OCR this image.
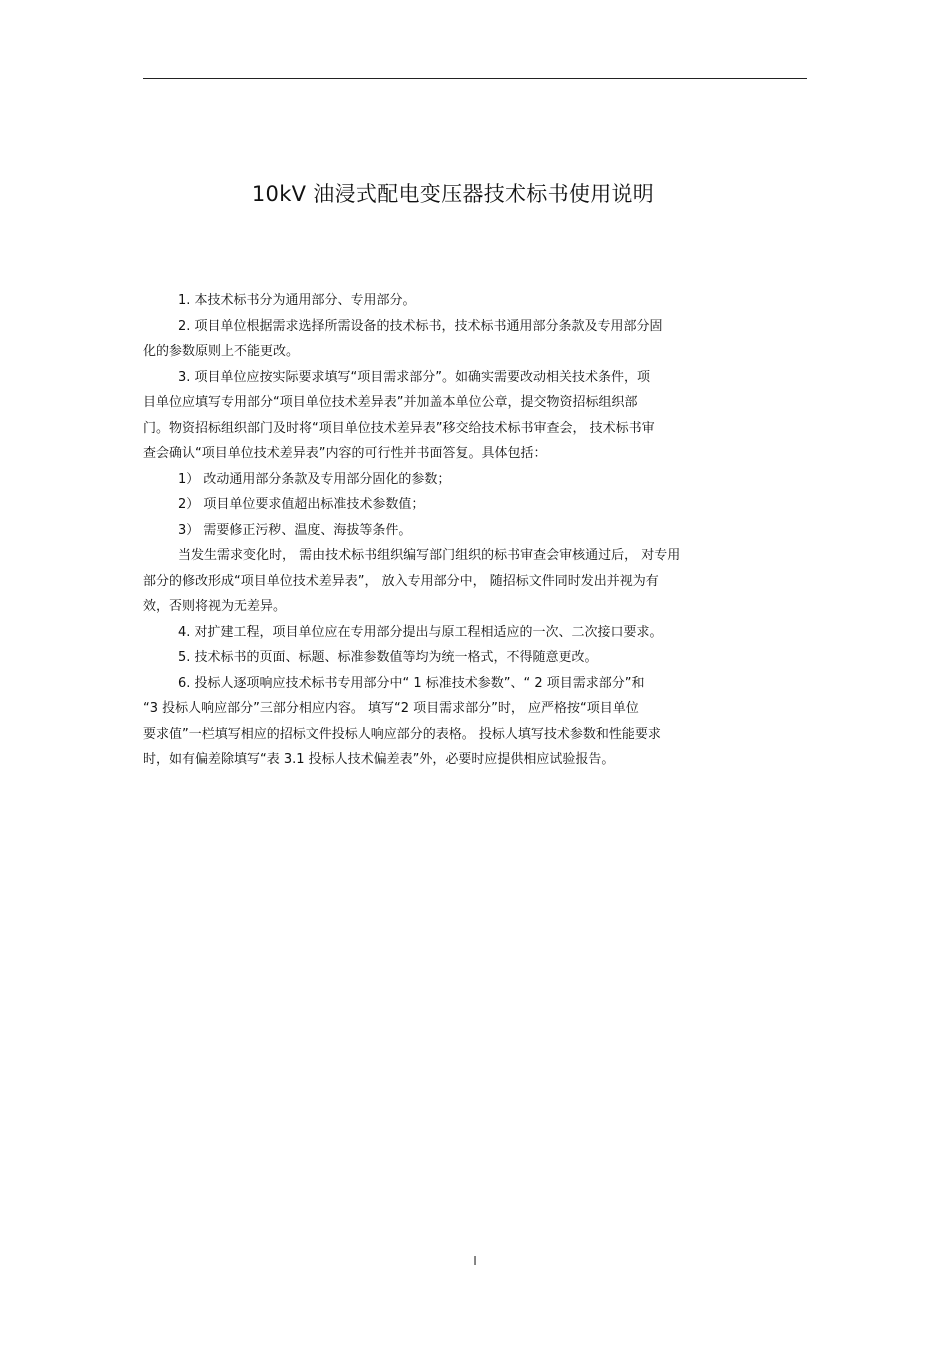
10kV 油浸式配电变压器技术标书使用说明
1. 本技术标书分为通用部分、专用部分。
2. 项目单位根据需求选择所需设备的技术标书，技术标书通用部分条款及专用部分固
化的参数原则上不能更改。
3. 项目单位应按实际要求填写“项目需求部分”。如确实需要改动相关技术条件，项
目单位应填写专用部分“项目单位技术差异表”并加盖本单位公章，提交物资招标组织部
门。物资招标组织部门及时将“项目单位技术差异表”移交给技术标书审查会， 技术标书审
查会确认“项目单位技术差异表”内容的可行性并书面答复。具体包括：
1） 改动通用部分条款及专用部分固化的参数；
2） 项目单位要求值超出标准技术参数值；
3） 需要修正污秽、温度、海拔等条件。
当发生需求变化时， 需由技术标书组织编写部门组织的标书审查会审核通过后， 对专用
部分的修改形成“项目单位技术差异表”， 放入专用部分中， 随招标文件同时发出并视为有
效，否则将视为无差异。
4. 对扩建工程，项目单位应在专用部分提出与原工程相适应的一次、二次接口要求。
5. 技术标书的页面、标题、标准参数值等均为统一格式，不得随意更改。
6. 投标人逐项响应技术标书专用部分中“ 1 标准技术参数”、“ 2 项目需求部分”和
“3 投标人响应部分”三部分相应内容。 填写“2 项目需求部分”时， 应严格按“项目单位
要求值”一栏填写相应的招标文件投标人响应部分的表格。 投标人填写技术参数和性能要求
时，如有偏差除填写“表 3.1 投标人技术偏差表”外，必要时应提供相应试验报告。
I
